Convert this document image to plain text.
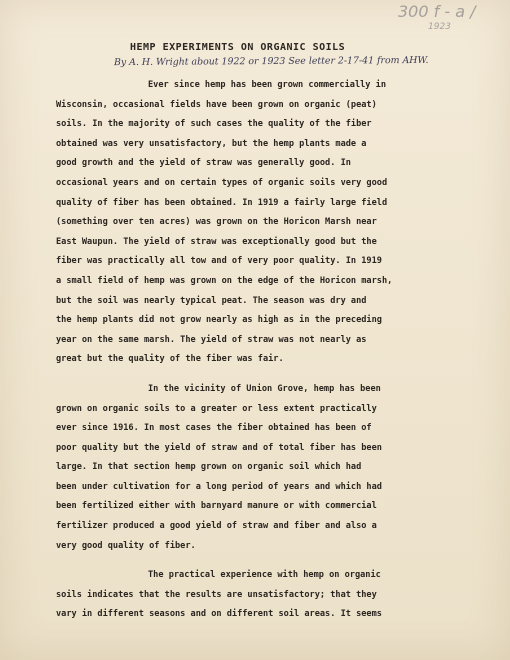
300 f - a /
1923
HEMP EXPERIMENTS ON ORGANIC SOILS
By A. H. Wright about 1922 or 1923 See letter 2-17-41 from AHW.
Ever since hemp has been grown commercially in
Wisconsin, occasional fields have been grown on organic (peat)
soils. In the majority of such cases the quality of the fiber
obtained was very unsatisfactory, but the hemp plants made a
good growth and the yield of straw was generally good. In
occasional years and on certain types of organic soils very good
quality of fiber has been obtained. In 1919 a fairly large field
(something over ten acres) was grown on the Horicon Marsh near
East Waupun. The yield of straw was exceptionally good but the
fiber was practically all tow and of very poor quality. In 1919
a small field of hemp was grown on the edge of the Horicon marsh,
but the soil was nearly typical peat. The season was dry and
the hemp plants did not grow nearly as high as in the preceding
year on the same marsh. The yield of straw was not nearly as
great but the quality of the fiber was fair.
In the vicinity of Union Grove, hemp has been
grown on organic soils to a greater or less extent practically
ever since 1916. In most cases the fiber obtained has been of
poor quality but the yield of straw and of total fiber has been
large. In that section hemp grown on organic soil which had
been under cultivation for a long period of years and which had
been fertilized either with barnyard manure or with commercial
fertilizer produced a good yield of straw and fiber and also a
very good quality of fiber.
The practical experience with hemp on organic
soils indicates that the results are unsatisfactory; that they
vary in different seasons and on different soil areas. It seems
